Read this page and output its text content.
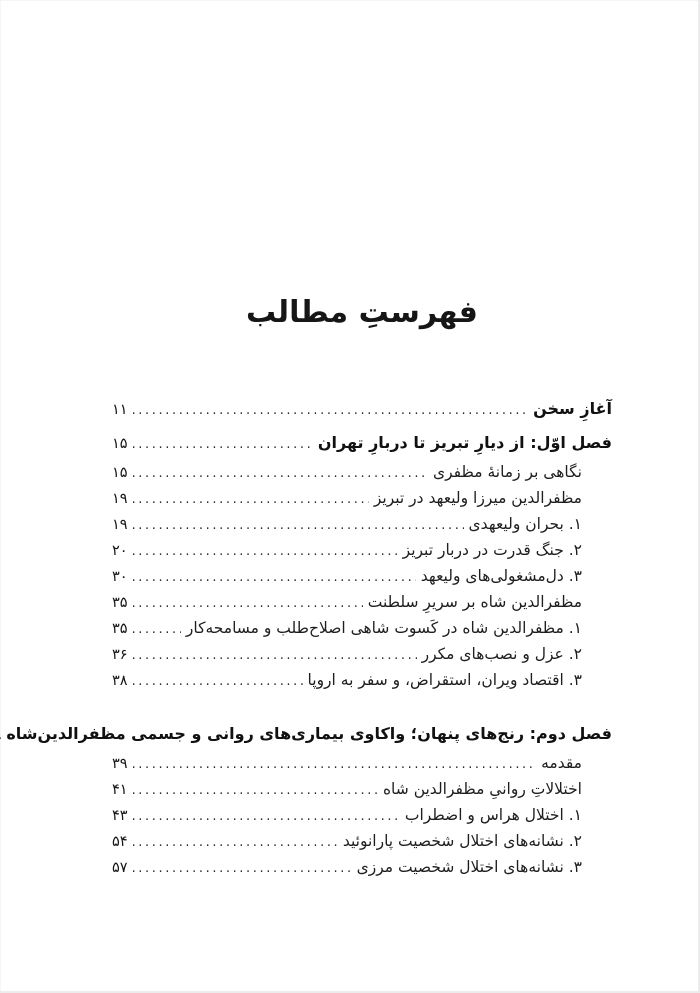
فهرستِ مطالب
آغازِ سخن
.....
۱۱
فصل اوّل: از دیارِ تبریز تا دربارِ تهران
.....
۱۵
نگاهی بر زمانهٔ مظفری
.....
۱۵
مظفرالدین میرزا ولیعهد در تبریز
.....
۱۹
۱. بحران ولیعهدی
.....
۱۹
۲. جنگ قدرت در دربار تبریز
.....
۲۰
۳. دل‌مشغولی‌های ولیعهد
.....
۳۰
مظفرالدین شاه بر سریرِ سلطنت
.....
۳۵
۱. مظفرالدین شاه در کَسوت شاهی اصلاح‌طلب و مسامحه‌کار
.....
۳۵
۲. عزل و نصب‌های مکرر
.....
۳۶
۳. اقتصاد ویران، استقراض، و سفر به اروپا
.....
۳۸
فصل دوم: رنج‌های پنهان؛ واکاوی بیماری‌های روانی و جسمی مظفرالدین‌شاه
.....
مقدمه
.....
۳۹
اختلالاتِ روانیِ مظفرالدین شاه
.....
۴۱
۱. اختلال هراس و اضطراب
.....
۴۳
۲. نشانه‌های اختلال شخصیت پارانوئید
.....
۵۴
۳. نشانه‌های اختلال شخصیت مرزی
.....
۵۷
